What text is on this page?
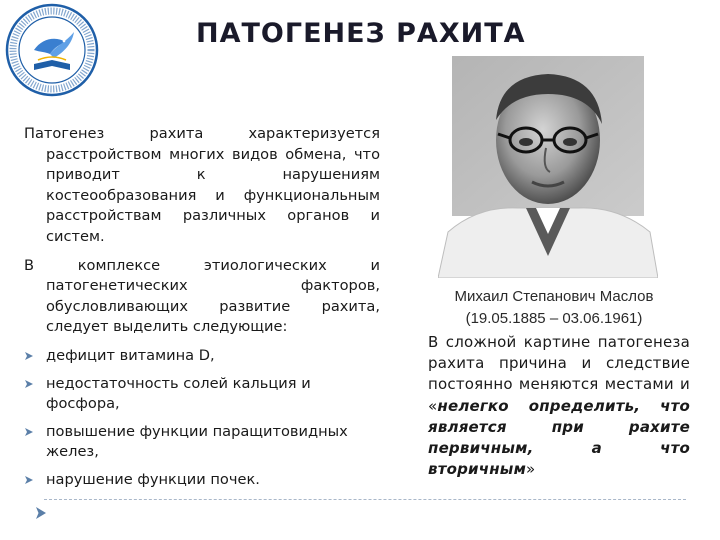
ПАТОГЕНЕЗ РАХИТА

Патогенез рахита характеризуется расстройством многих видов обмена, что приводит к нарушениям костеообразования и функциональным расстройствам различных органов и систем.

В комплексе этиологических и патогенетических факторов, обусловливающих развитие рахита, следует выделить следующие:

дефицит витамина D,
недостаточность солей кальция и фосфора,
повышение функции паращитовидных желез,
нарушение функции почек.
Михаил Степанович Маслов
(19.05.1885 – 03.06.1961)

В сложной картине патогенеза рахита причина и следствие постоянно меняются местами и «нелегко определить, что является при рахите первичным, а что вторичным»
